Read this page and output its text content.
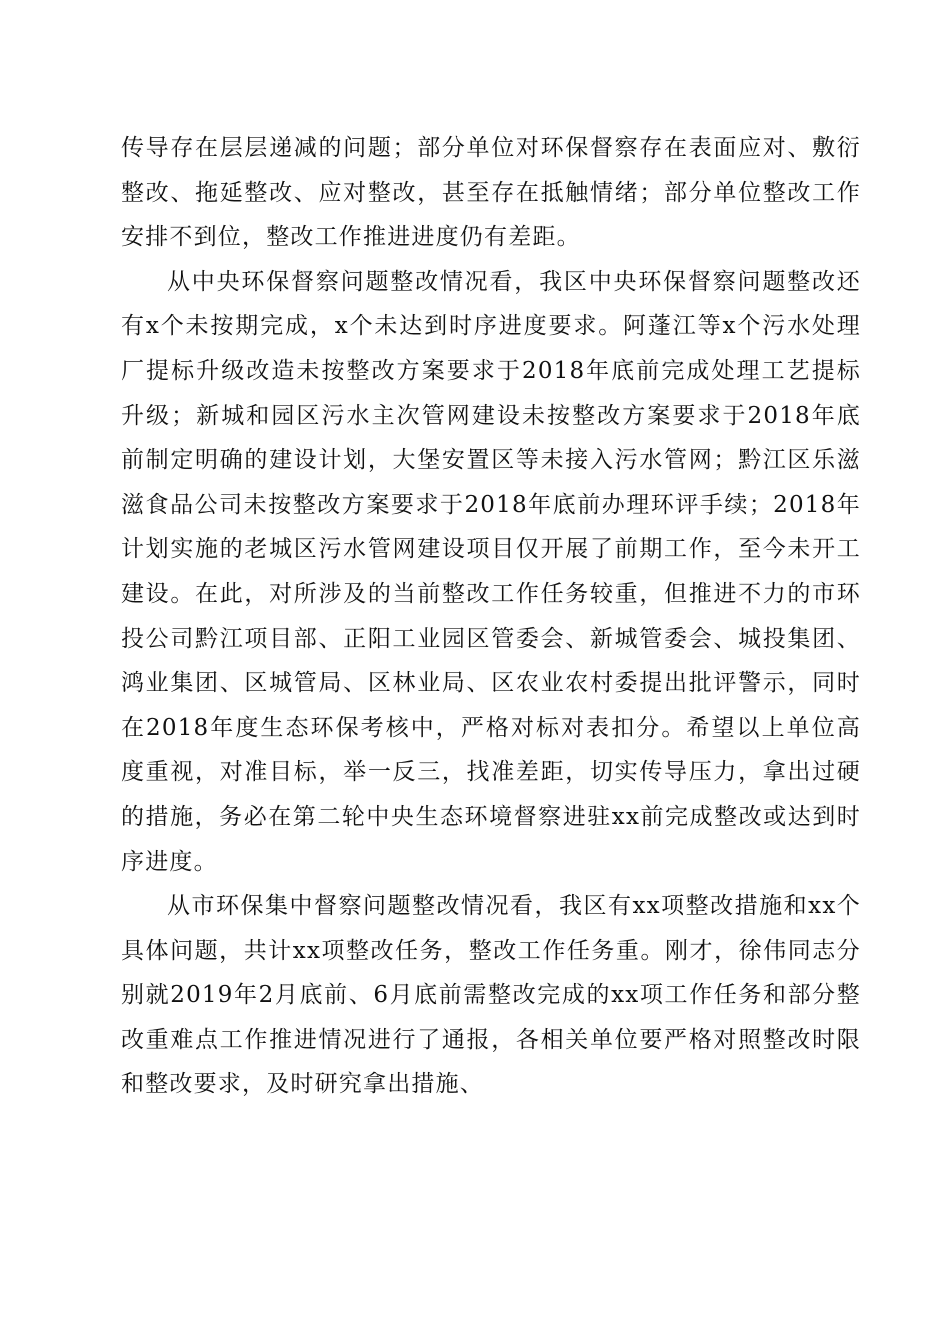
传导存在层层递减的问题；部分单位对环保督察存在表面应对、敷衍整改、拖延整改、应对整改，甚至存在抵触情绪；部分单位整改工作安排不到位，整改工作推进进度仍有差距。

从中央环保督察问题整改情况看，我区中央环保督察问题整改还有x个未按期完成，x个未达到时序进度要求。阿蓬江等x个污水处理厂提标升级改造未按整改方案要求于2018年底前完成处理工艺提标升级；新城和园区污水主次管网建设未按整改方案要求于2018年底前制定明确的建设计划，大堡安置区等未接入污水管网；黔江区乐滋滋食品公司未按整改方案要求于2018年底前办理环评手续；2018年计划实施的老城区污水管网建设项目仅开展了前期工作，至今未开工建设。在此，对所涉及的当前整改工作任务较重，但推进不力的市环投公司黔江项目部、正阳工业园区管委会、新城管委会、城投集团、鸿业集团、区城管局、区林业局、区农业农村委提出批评警示，同时在2018年度生态环保考核中，严格对标对表扣分。希望以上单位高度重视，对准目标，举一反三，找准差距，切实传导压力，拿出过硬的措施，务必在第二轮中央生态环境督察进驻xx前完成整改或达到时序进度。

从市环保集中督察问题整改情况看，我区有xx项整改措施和xx个具体问题，共计xx项整改任务，整改工作任务重。刚才，徐伟同志分别就2019年2月底前、6月底前需整改完成的xx项工作任务和部分整改重难点工作推进情况进行了通报，各相关单位要严格对照整改时限和整改要求，及时研究拿出措施、
